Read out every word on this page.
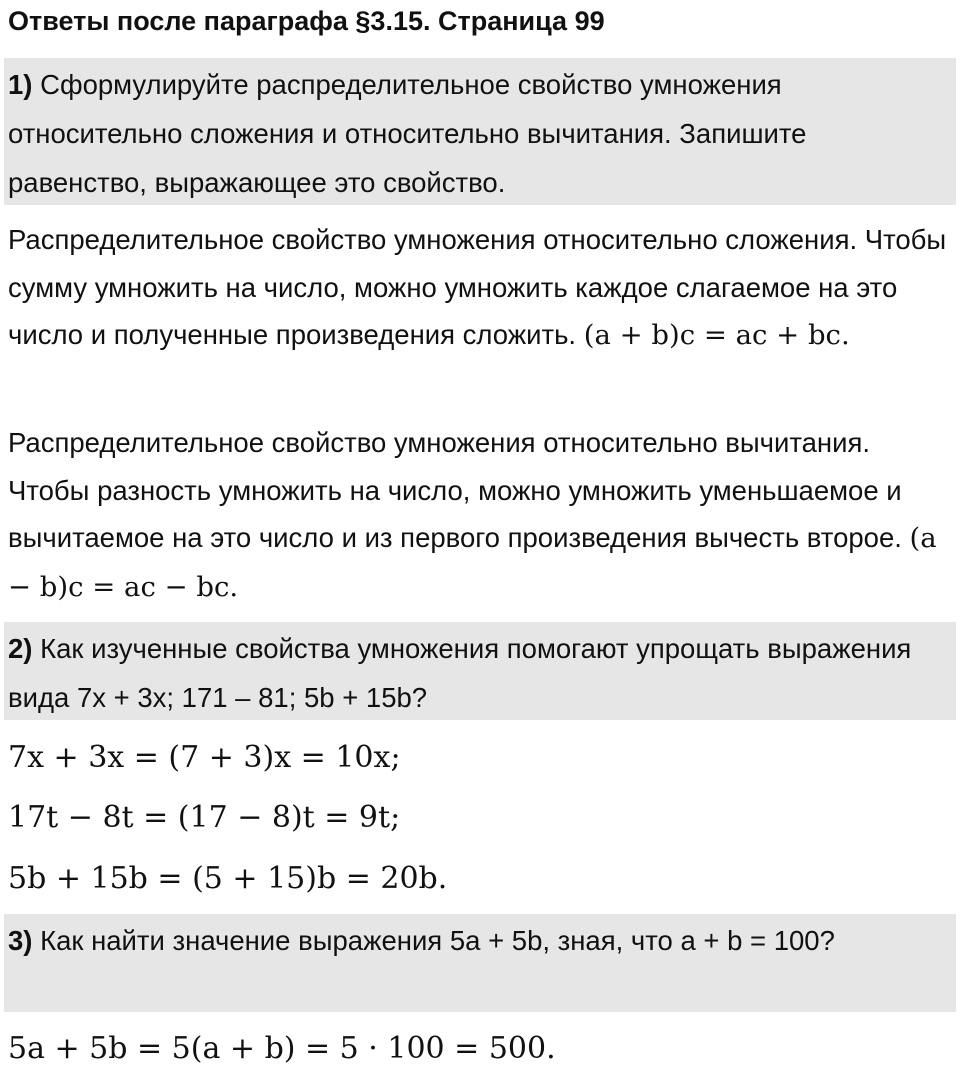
Ответы после параграфа §3.15. Страница 99
1) Сформулируйте распределительное свойство умножения относительно сложения и относительно вычитания. Запишите равенство, выражающее это свойство.
Распределительное свойство умножения относительно сложения. Чтобы сумму умножить на число, можно умножить каждое слагаемое на это число и полученные произведения сложить. (a + b)c = ac + bc.
Распределительное свойство умножения относительно вычитания. Чтобы разность умножить на число, можно умножить уменьшаемое и вычитаемое на это число и из первого произведения вычесть второе. (a − b)c = ac − bc.
2) Как изученные свойства умножения помогают упрощать выражения вида 7x + 3x; 171 – 81; 5b + 15b?
7x + 3x = (7 + 3)x = 10x;
17t − 8t = (17 − 8)t = 9t;
5b + 15b = (5 + 15)b = 20b.
3) Как найти значение выражения 5a + 5b, зная, что a + b = 100?
5a + 5b = 5(a + b) = 5 · 100 = 500.
